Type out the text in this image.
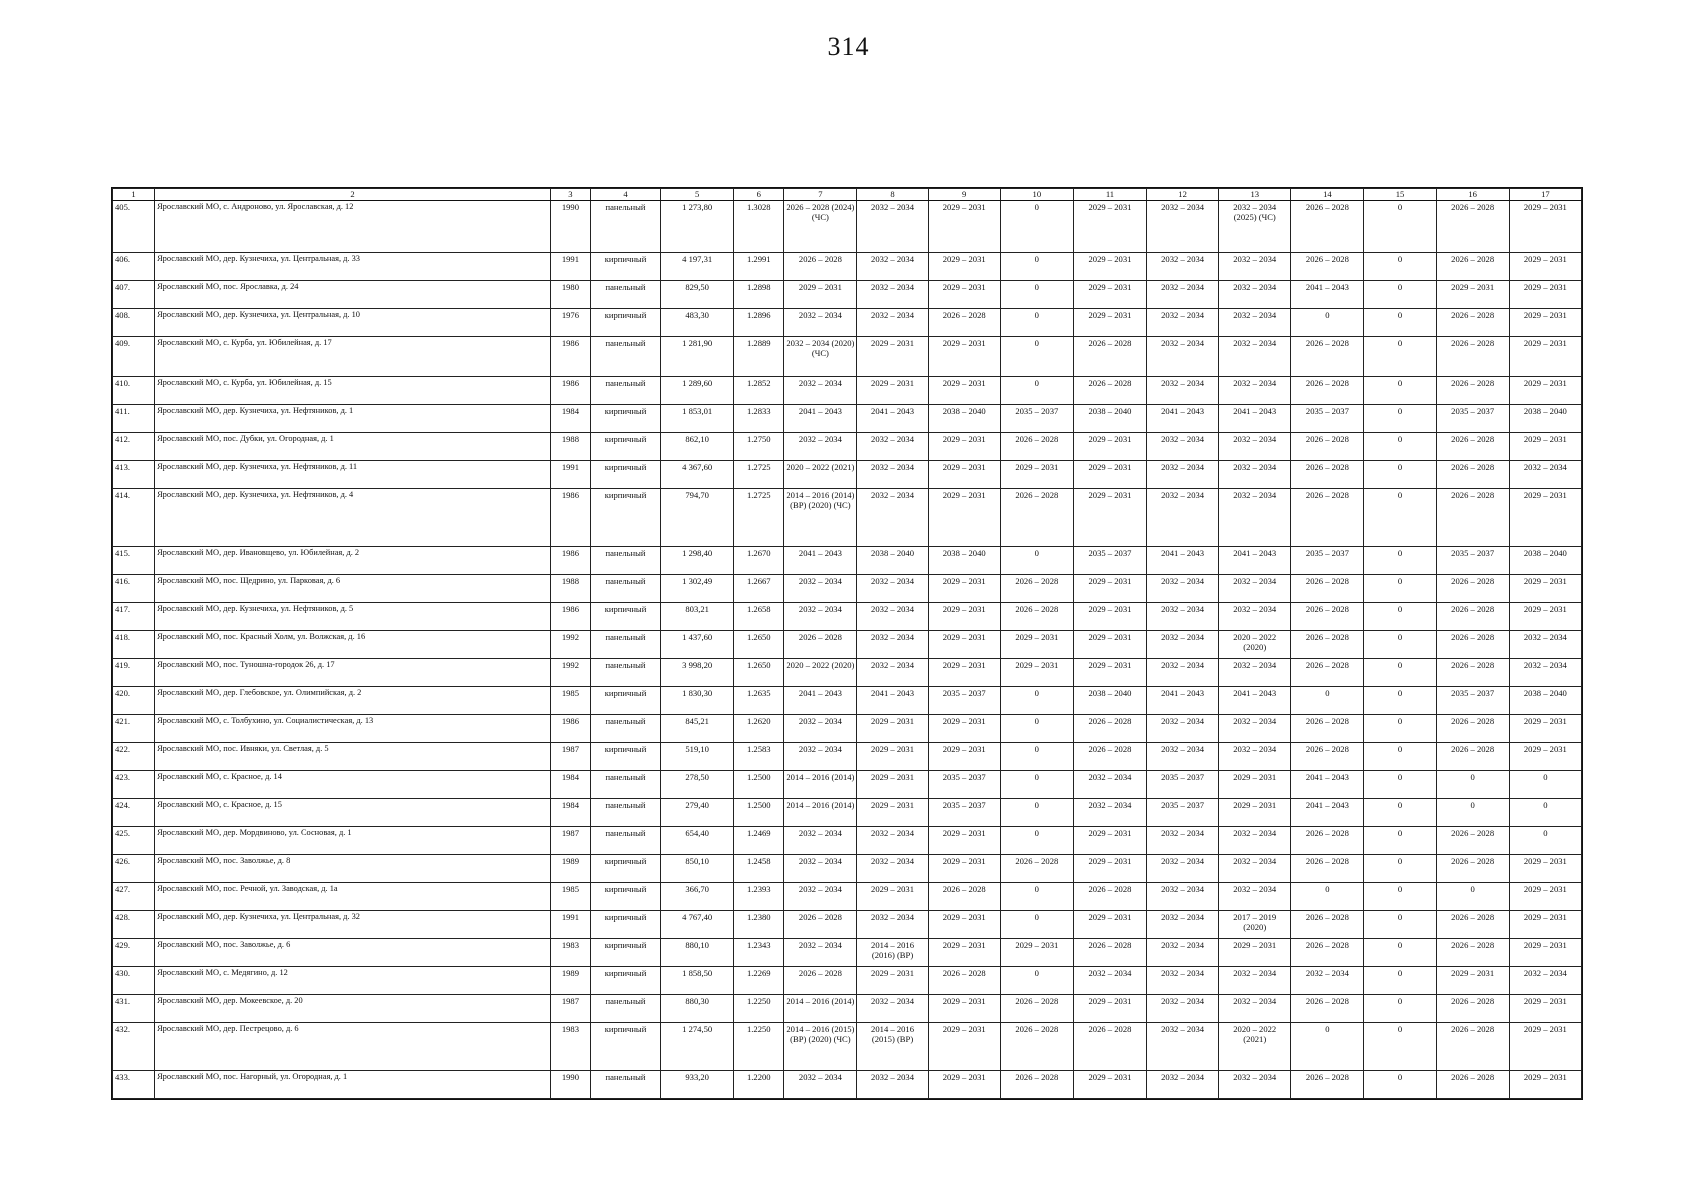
314
1	2	3	4	5	6	7	8	9	10	11	12	13	14	15	16	17
405.	Ярославский МО, с. Андроново, ул. Ярославская, д. 12	1990	панельный	1 273,80	1.3028	2026 – 2028 (2024) (ЧС)	2032 – 2034	2029 – 2031	0	2029 – 2031	2032 – 2034	2032 – 2034 (2025) (ЧС)	2026 – 2028	0	2026 – 2028	2029 – 2031
406.	Ярославский МО, дер. Кузнечиха, ул. Центральная, д. 33	1991	кирпичный	4 197,31	1.2991	2026 – 2028	2032 – 2034	2029 – 2031	0	2029 – 2031	2032 – 2034	2032 – 2034	2026 – 2028	0	2026 – 2028	2029 – 2031
407.	Ярославский МО, пос. Ярославка, д. 24	1980	панельный	829,50	1.2898	2029 – 2031	2032 – 2034	2029 – 2031	0	2029 – 2031	2032 – 2034	2032 – 2034	2041 – 2043	0	2029 – 2031	2029 – 2031
408.	Ярославский МО, дер. Кузнечиха, ул. Центральная, д. 10	1976	кирпичный	483,30	1.2896	2032 – 2034	2032 – 2034	2026 – 2028	0	2029 – 2031	2032 – 2034	2032 – 2034	0	0	2026 – 2028	2029 – 2031
409.	Ярославский МО, с. Курба, ул. Юбилейная, д. 17	1986	панельный	1 281,90	1.2889	2032 – 2034 (2020) (ЧС)	2029 – 2031	2029 – 2031	0	2026 – 2028	2032 – 2034	2032 – 2034	2026 – 2028	0	2026 – 2028	2029 – 2031
410.	Ярославский МО, с. Курба, ул. Юбилейная, д. 15	1986	панельный	1 289,60	1.2852	2032 – 2034	2029 – 2031	2029 – 2031	0	2026 – 2028	2032 – 2034	2032 – 2034	2026 – 2028	0	2026 – 2028	2029 – 2031
411.	Ярославский МО, дер. Кузнечиха, ул. Нефтяников, д. 1	1984	кирпичный	1 853,01	1.2833	2041 – 2043	2041 – 2043	2038 – 2040	2035 – 2037	2038 – 2040	2041 – 2043	2041 – 2043	2035 – 2037	0	2035 – 2037	2038 – 2040
412.	Ярославский МО, пос. Дубки, ул. Огородная, д. 1	1988	кирпичный	862,10	1.2750	2032 – 2034	2032 – 2034	2029 – 2031	2026 – 2028	2029 – 2031	2032 – 2034	2032 – 2034	2026 – 2028	0	2026 – 2028	2029 – 2031
413.	Ярославский МО, дер. Кузнечиха, ул. Нефтяников, д. 11	1991	кирпичный	4 367,60	1.2725	2020 – 2022 (2021)	2032 – 2034	2029 – 2031	2029 – 2031	2029 – 2031	2032 – 2034	2032 – 2034	2026 – 2028	0	2026 – 2028	2032 – 2034
414.	Ярославский МО, дер. Кузнечиха, ул. Нефтяников, д. 4	1986	кирпичный	794,70	1.2725	2014 – 2016 (2014) (ВР) (2020) (ЧС)	2032 – 2034	2029 – 2031	2026 – 2028	2029 – 2031	2032 – 2034	2032 – 2034	2026 – 2028	0	2026 – 2028	2029 – 2031
415.	Ярославский МО, дер. Ивановщево, ул. Юбилейная, д. 2	1986	панельный	1 298,40	1.2670	2041 – 2043	2038 – 2040	2038 – 2040	0	2035 – 2037	2041 – 2043	2041 – 2043	2035 – 2037	0	2035 – 2037	2038 – 2040
416.	Ярославский МО, пос. Щедрино, ул. Парковая, д. 6	1988	панельный	1 302,49	1.2667	2032 – 2034	2032 – 2034	2029 – 2031	2026 – 2028	2029 – 2031	2032 – 2034	2032 – 2034	2026 – 2028	0	2026 – 2028	2029 – 2031
417.	Ярославский МО, дер. Кузнечиха, ул. Нефтяников, д. 5	1986	кирпичный	803,21	1.2658	2032 – 2034	2032 – 2034	2029 – 2031	2026 – 2028	2029 – 2031	2032 – 2034	2032 – 2034	2026 – 2028	0	2026 – 2028	2029 – 2031
418.	Ярославский МО, пос. Красный Холм, ул. Волжская, д. 16	1992	панельный	1 437,60	1.2650	2026 – 2028	2032 – 2034	2029 – 2031	2029 – 2031	2029 – 2031	2032 – 2034	2020 – 2022 (2020)	2026 – 2028	0	2026 – 2028	2032 – 2034
419.	Ярославский МО, пос. Туношна-городок 26, д. 17	1992	панельный	3 998,20	1.2650	2020 – 2022 (2020)	2032 – 2034	2029 – 2031	2029 – 2031	2029 – 2031	2032 – 2034	2032 – 2034	2026 – 2028	0	2026 – 2028	2032 – 2034
420.	Ярославский МО, дер. Глебовское, ул. Олимпийская, д. 2	1985	кирпичный	1 830,30	1.2635	2041 – 2043	2041 – 2043	2035 – 2037	0	2038 – 2040	2041 – 2043	2041 – 2043	0	0	2035 – 2037	2038 – 2040
421.	Ярославский МО, с. Толбухино, ул. Социалистическая, д. 13	1986	панельный	845,21	1.2620	2032 – 2034	2029 – 2031	2029 – 2031	0	2026 – 2028	2032 – 2034	2032 – 2034	2026 – 2028	0	2026 – 2028	2029 – 2031
422.	Ярославский МО, пос. Ивняки, ул. Светлая, д. 5	1987	кирпичный	519,10	1.2583	2032 – 2034	2029 – 2031	2029 – 2031	0	2026 – 2028	2032 – 2034	2032 – 2034	2026 – 2028	0	2026 – 2028	2029 – 2031
423.	Ярославский МО, с. Красное, д. 14	1984	панельный	278,50	1.2500	2014 – 2016 (2014)	2029 – 2031	2035 – 2037	0	2032 – 2034	2035 – 2037	2029 – 2031	2041 – 2043	0	0	0
424.	Ярославский МО, с. Красное, д. 15	1984	панельный	279,40	1.2500	2014 – 2016 (2014)	2029 – 2031	2035 – 2037	0	2032 – 2034	2035 – 2037	2029 – 2031	2041 – 2043	0	0	0
425.	Ярославский МО, дер. Мордвиново, ул. Сосновая, д. 1	1987	панельный	654,40	1.2469	2032 – 2034	2032 – 2034	2029 – 2031	0	2029 – 2031	2032 – 2034	2032 – 2034	2026 – 2028	0	2026 – 2028	0
426.	Ярославский МО, пос. Заволжье, д. 8	1989	кирпичный	850,10	1.2458	2032 – 2034	2032 – 2034	2029 – 2031	2026 – 2028	2029 – 2031	2032 – 2034	2032 – 2034	2026 – 2028	0	2026 – 2028	2029 – 2031
427.	Ярославский МО, пос. Речной, ул. Заводская, д. 1а	1985	кирпичный	366,70	1.2393	2032 – 2034	2029 – 2031	2026 – 2028	0	2026 – 2028	2032 – 2034	2032 – 2034	0	0	0	2029 – 2031
428.	Ярославский МО, дер. Кузнечиха, ул. Центральная, д. 32	1991	кирпичный	4 767,40	1.2380	2026 – 2028	2032 – 2034	2029 – 2031	0	2029 – 2031	2032 – 2034	2017 – 2019 (2020)	2026 – 2028	0	2026 – 2028	2029 – 2031
429.	Ярославский МО, пос. Заволжье, д. 6	1983	кирпичный	880,10	1.2343	2032 – 2034	2014 – 2016 (2016) (ВР)	2029 – 2031	2029 – 2031	2026 – 2028	2032 – 2034	2029 – 2031	2026 – 2028	0	2026 – 2028	2029 – 2031
430.	Ярославский МО, с. Медягино, д. 12	1989	кирпичный	1 858,50	1.2269	2026 – 2028	2029 – 2031	2026 – 2028	0	2032 – 2034	2032 – 2034	2032 – 2034	2032 – 2034	0	2029 – 2031	2032 – 2034
431.	Ярославский МО, дер. Мокеевское, д. 20	1987	панельный	880,30	1.2250	2014 – 2016 (2014)	2032 – 2034	2029 – 2031	2026 – 2028	2029 – 2031	2032 – 2034	2032 – 2034	2026 – 2028	0	2026 – 2028	2029 – 2031
432.	Ярославский МО, дер. Пестрецово, д. 6	1983	кирпичный	1 274,50	1.2250	2014 – 2016 (2015) (ВР) (2020) (ЧС)	2014 – 2016 (2015) (ВР)	2029 – 2031	2026 – 2028	2026 – 2028	2032 – 2034	2020 – 2022 (2021)	0	0	2026 – 2028	2029 – 2031
433.	Ярославский МО, пос. Нагорный, ул. Огородная, д. 1	1990	панельный	933,20	1.2200	2032 – 2034	2032 – 2034	2029 – 2031	2026 – 2028	2029 – 2031	2032 – 2034	2032 – 2034	2026 – 2028	0	2026 – 2028	2029 – 2031
